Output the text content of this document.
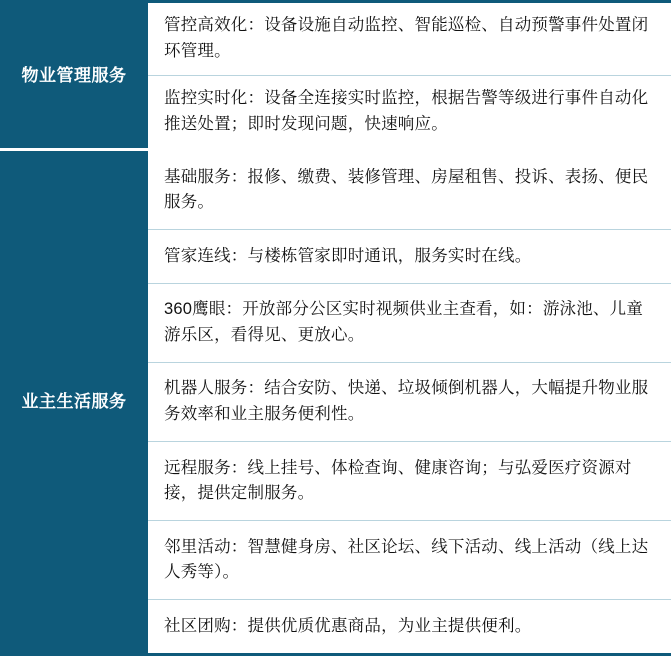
物业管理服务
管控高效化：设备设施自动监控、智能巡检、自动预警事件处置闭环管理。
监控实时化：设备全连接实时监控，根据告警等级进行事件自动化推送处置；即时发现问题，快速响应。
业主生活服务
基础服务：报修、缴费、装修管理、房屋租售、投诉、表扬、便民服务。
管家连线：与楼栋管家即时通讯，服务实时在线。
360鹰眼：开放部分公区实时视频供业主查看，如：游泳池、儿童游乐区，看得见、更放心。
机器人服务：结合安防、快递、垃圾倾倒机器人，大幅提升物业服务效率和业主服务便利性。
远程服务：线上挂号、体检查询、健康咨询；与弘爱医疗资源对接，提供定制服务。
邻里活动：智慧健身房、社区论坛、线下活动、线上活动（线上达人秀等）。
社区团购：提供优质优惠商品，为业主提供便利。
